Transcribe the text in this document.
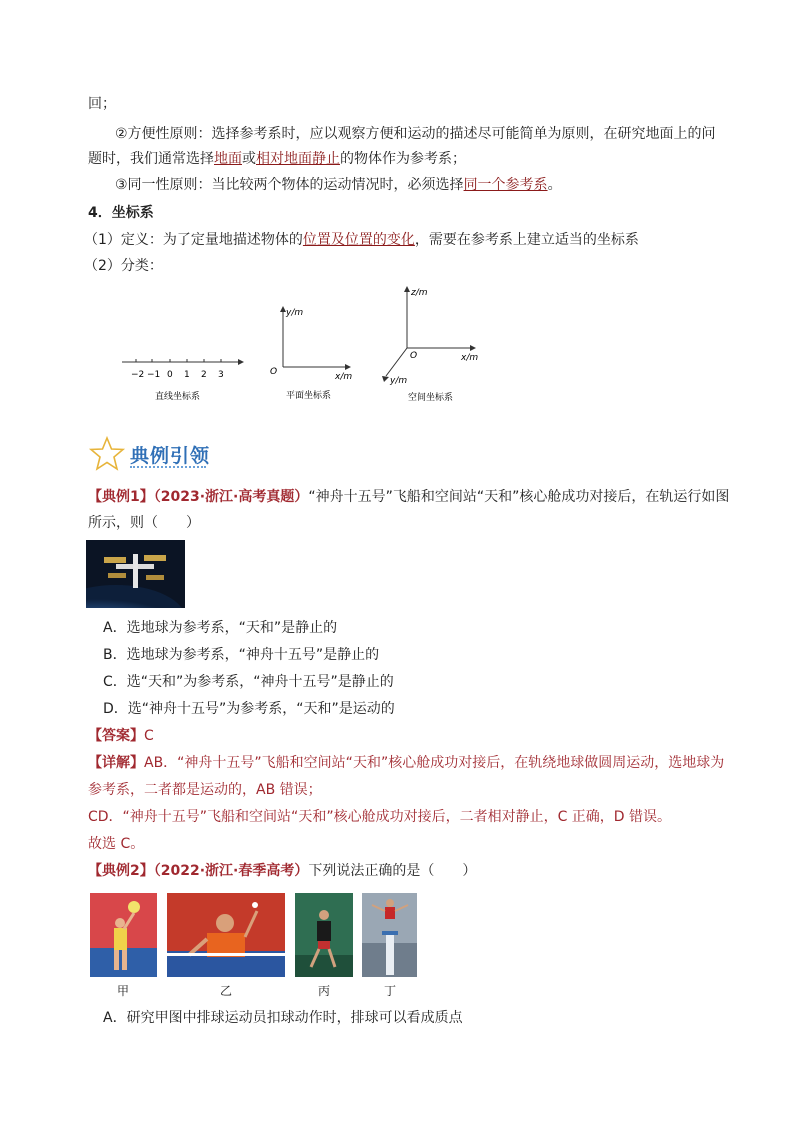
回；
②方便性原则：选择参考系时，应以观察方便和运动的描述尽可能简单为原则，在研究地面上的问
题时，我们通常选择地面或相对地面静止的物体作为参考系；
③同一性原则：当比较两个物体的运动情况时，必须选择同一个参考系。
4．坐标系
（1）定义：为了定量地描述物体的位置及位置的变化，需要在参考系上建立适当的坐标系
（2）分类：
−2 −1 0 1 2 3
直线坐标系
y/m
x/m
O
平面坐标系
z/m
x/m
y/m
O
空间坐标系
典例引领
【典例1】（2023·浙江·高考真题）“神舟十五号”飞船和空间站“天和”核心舱成功对接后，在轨运行如图
所示，则（　　）
A．选地球为参考系，“天和”是静止的
B．选地球为参考系，“神舟十五号”是静止的
C．选“天和”为参考系，“神舟十五号”是静止的
D．选“神舟十五号”为参考系，“天和”是运动的
【答案】C
【详解】AB．“神舟十五号”飞船和空间站“天和”核心舱成功对接后，在轨绕地球做圆周运动，选地球为
参考系，二者都是运动的，AB 错误；
CD．“神舟十五号”飞船和空间站“天和”核心舱成功对接后，二者相对静止，C 正确，D 错误。
故选 C。
【典例2】（2022·浙江·春季高考）下列说法正确的是（　　）
甲	乙	丙	丁
A．研究甲图中排球运动员扣球动作时，排球可以看成质点
